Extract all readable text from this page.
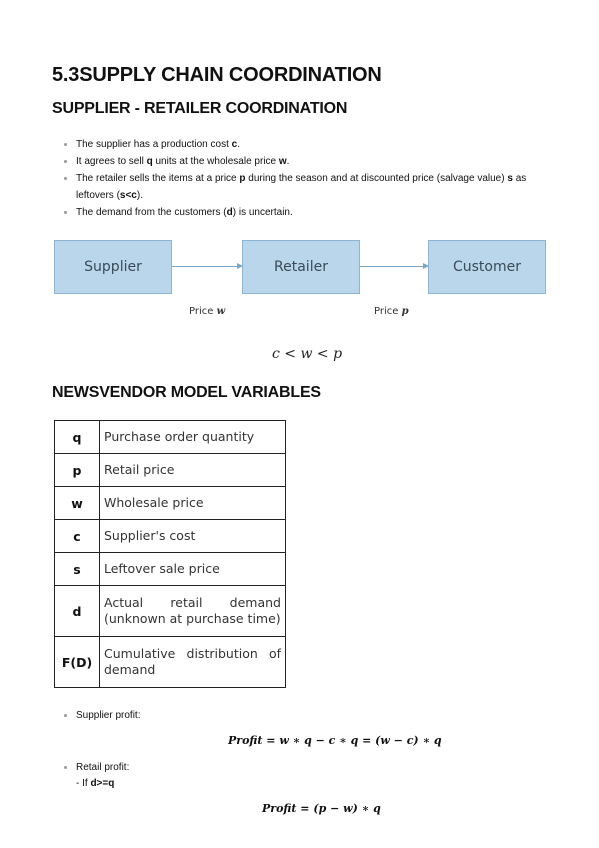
5.3SUPPLY CHAIN COORDINATION
SUPPLIER - RETAILER COORDINATION
The supplier has a production cost c.
It agrees to sell q units at the wholesale price w.
The retailer sells the items at a price p during the season and at discounted price (salvage value) s as leftovers (s<c).
The demand from the customers (d) is uncertain.
Supplier	Retailer	Customer
Price w	Price p
c < w < p
NEWSVENDOR MODEL VARIABLES
q	Purchase order quantity
p	Retail price
w	Wholesale price
c	Supplier's cost
s	Leftover sale price
d	Actual retail demand (unknown at purchase time)
F(D)	Cumulative distribution of demand
Supplier profit:
Profit = w ∗ q − c ∗ q = (w − c) ∗ q
Retail profit:
- If d>=q
Profit = (p − w) ∗ q
